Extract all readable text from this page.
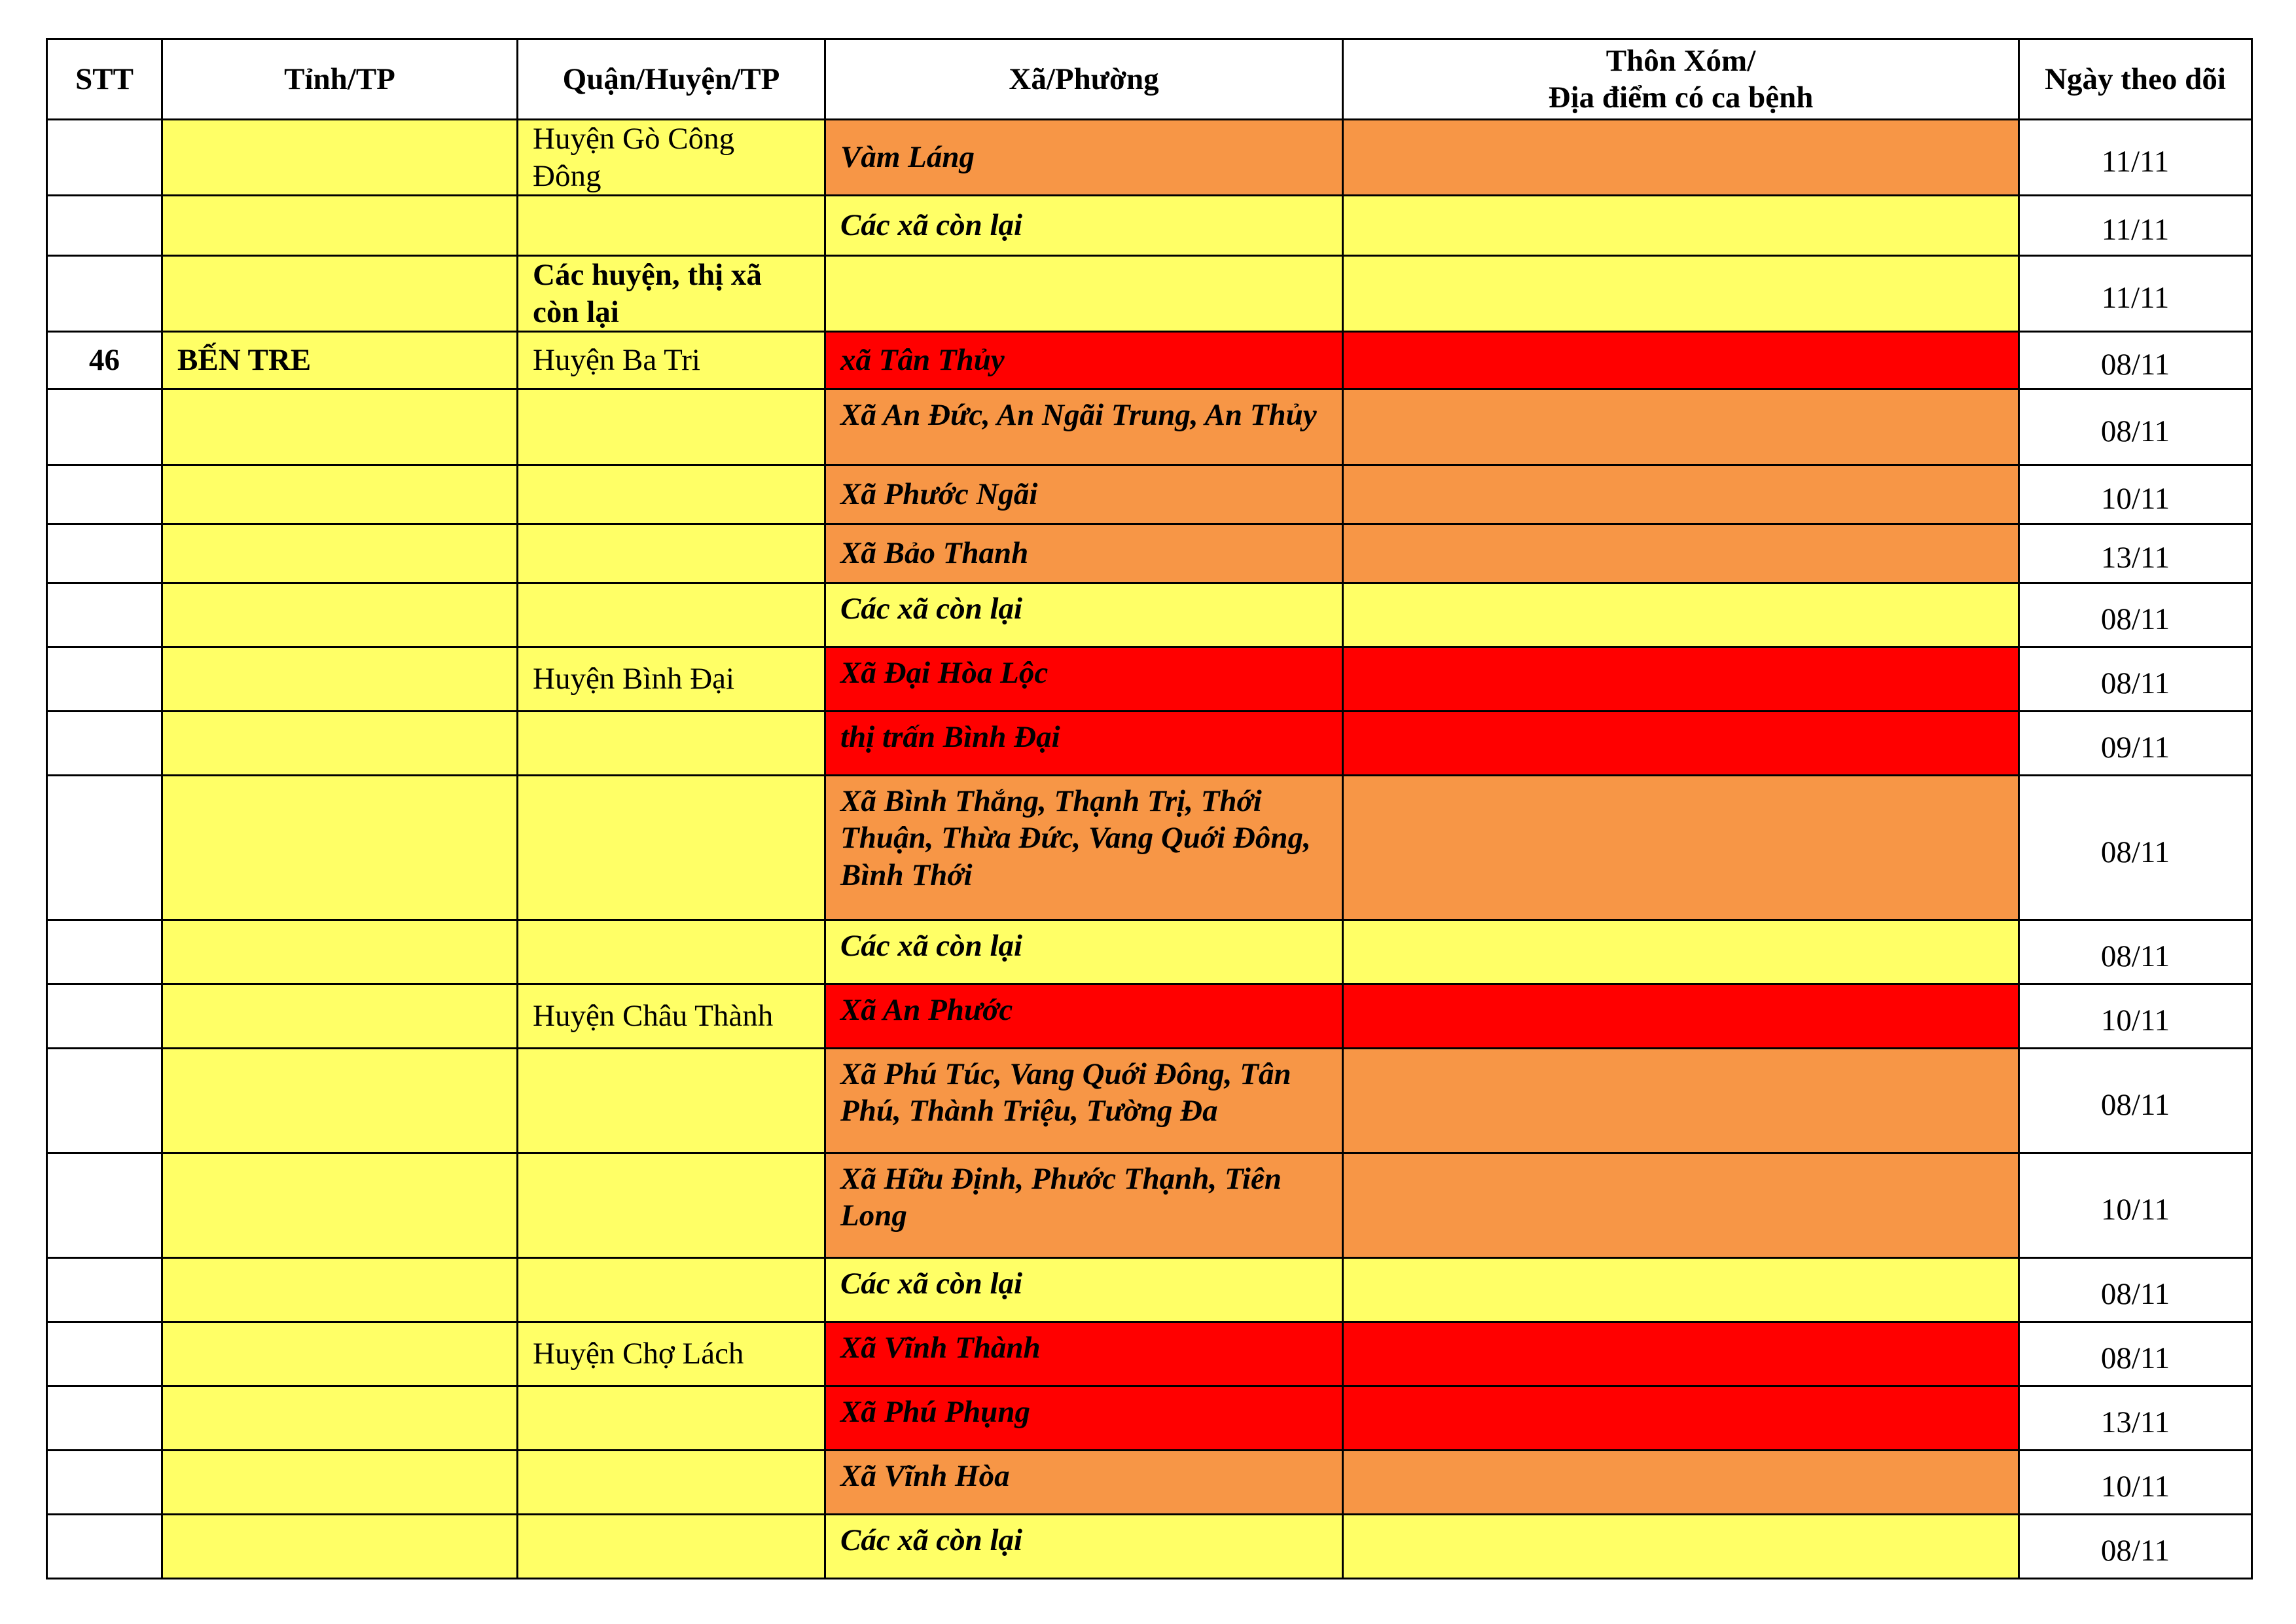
STT	Tỉnh/TP	Quận/Huyện/TP	Xã/Phường	Thôn Xóm/
Địa điểm có ca bệnh	Ngày theo dõi
		Huyện Gò Công Đông	Vàm Láng		11/11
			Các xã còn lại		11/11
		Các huyện, thị xã còn lại			11/11
46	BẾN TRE	Huyện Ba Tri	xã Tân Thủy		08/11
			Xã An Đức, An Ngãi Trung, An Thủy		08/11
			Xã Phước Ngãi		10/11
			Xã Bảo Thanh		13/11
			Các xã còn lại		08/11
		Huyện Bình Đại	Xã Đại Hòa Lộc		08/11
			thị trấn Bình Đại		09/11
			Xã Bình Thắng, Thạnh Trị, Thới Thuận, Thừa Đức, Vang Quới Đông, Bình Thới		08/11
			Các xã còn lại		08/11
		Huyện Châu Thành	Xã An Phước		10/11
			Xã Phú Túc, Vang Quới Đông, Tân Phú, Thành Triệu, Tường Đa		08/11
			Xã Hữu Định, Phước Thạnh, Tiên Long		10/11
			Các xã còn lại		08/11
		Huyện Chợ Lách	Xã Vĩnh Thành		08/11
			Xã Phú Phụng		13/11
			Xã Vĩnh Hòa		10/11
			Các xã còn lại		08/11
